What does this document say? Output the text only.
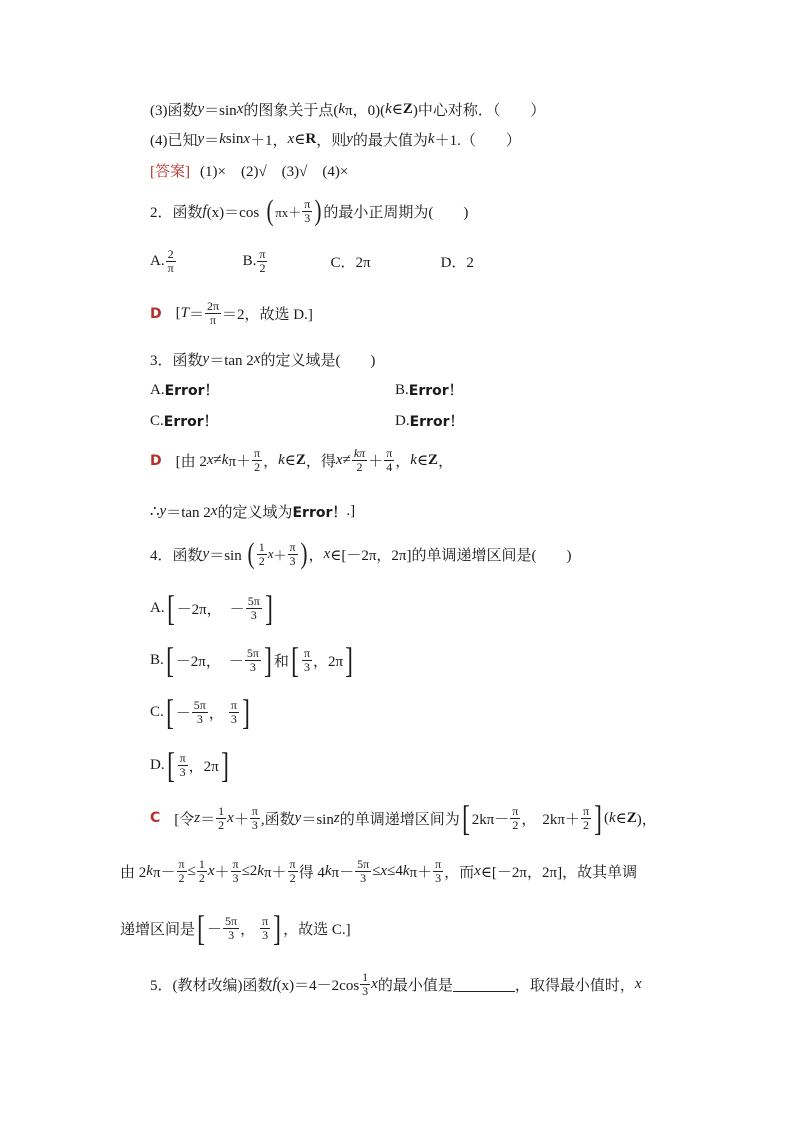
(3)函数 y ＝sin x 的图象关于点( k π，0)( k ∈ Z )中心对称．（　　）
(4)已知 y ＝ k sin x ＋1， x ∈ R ，则 y 的最大值为 k ＋1.（　　）
[答案] (1)×　(2)√　(3)√　(4)×
2．函数 f (x)＝cos ( $\pi x+ \frac{\pi}{3}$ ) 的最小正周期为(　　)
A. $\frac{2}{\pi}$	B. $\frac{\pi}{2}$	C．2π	D．2
D [ $T = \frac{2\pi}{\pi} =2$，故选 D.]
3．函数 y ＝tan 2 x 的定义域是(　　)
A. Error！	B. Error！
C. Error！	D. Error！
D [由 2 x ≠ k $\pi+ \frac{\pi}{2}$ ， k ∈ Z ，得 $x \ne \frac{k\pi}{2} + \frac{\pi}{4}$ ， k ∈ Z ，
∴ y ＝tan 2 x 的定义域为 Error！ .]
4．函数 y ＝sin ( $\frac{1}{2}$ $x + \frac{\pi}{3}$ ) ， x ∈[－2π，2π]的单调递增区间是(　　)
A. [ －2π， － $\frac{5\pi}{3}$ ]
B. [ －2π， － $\frac{5\pi}{3}$ ] 和 [ $\frac{\pi}{3}$ ，2π ]
C. [ － $\frac{5\pi}{3}$ ， $\frac{\pi}{3}$ ]
D. [ $\frac{\pi}{3}$ ，2π ]
C [令 $z = \frac{1}{2}$ $x + \frac{\pi}{3}$ ,函数 y ＝sin z 的单调递增区间为 [ $2k\pi- \frac{\pi}{2}$ ， $2k\pi+ \frac{\pi}{2}$ ] ( k ∈ Z )，
由 2 k $\pi- \frac{\pi}{2} \le \frac{1}{2}$ $x + \frac{\pi}{3} \le 2$ k $\pi+ \frac{\pi}{2}$ 得 4 k $\pi- \frac{5\pi}{3} \le x \le 4$ k $\pi+ \frac{\pi}{3}$ ，而 x ∈[－2π，2π]，故其单调
递增区间是 [ － $\frac{5\pi}{3}$ ， $\frac{\pi}{3}$ ] ，故选 C.]
5．(教材改编)函数 f $(x)=4-2\cos \frac{1}{3}$ x 的最小值是	，取得最小值时， x
